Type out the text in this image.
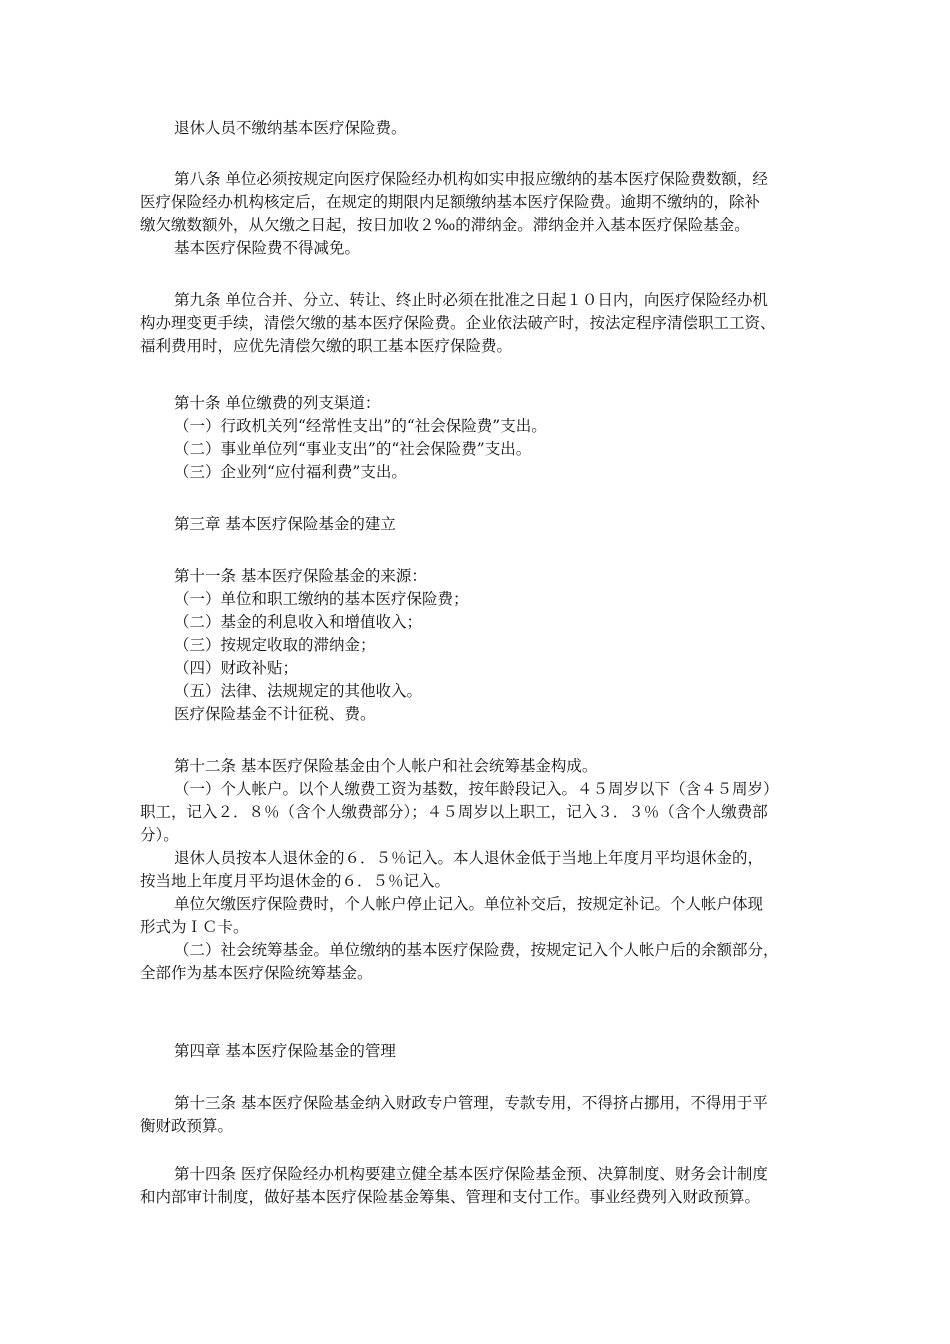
退休人员不缴纳基本医疗保险费。

第八条 单位必须按规定向医疗保险经办机构如实申报应缴纳的基本医疗保险费数额，经
医疗保险经办机构核定后，在规定的期限内足额缴纳基本医疗保险费。逾期不缴纳的，除补
缴欠缴数额外，从欠缴之日起，按日加收２‰的滞纳金。滞纳金并入基本医疗保险基金。

基本医疗保险费不得减免。

第九条 单位合并、分立、转让、终止时必须在批准之日起１０日内，向医疗保险经办机
构办理变更手续，清偿欠缴的基本医疗保险费。企业依法破产时，按法定程序清偿职工工资、
福利费用时，应优先清偿欠缴的职工基本医疗保险费。

第十条 单位缴费的列支渠道：

（一）行政机关列“经常性支出”的“社会保险费”支出。

（二）事业单位列“事业支出”的“社会保险费”支出。

（三）企业列“应付福利费”支出。

第三章 基本医疗保险基金的建立

第十一条 基本医疗保险基金的来源：

（一）单位和职工缴纳的基本医疗保险费；

（二）基金的利息收入和增值收入；

（三）按规定收取的滞纳金；

（四）财政补贴；

（五）法律、法规规定的其他收入。

医疗保险基金不计征税、费。

第十二条 基本医疗保险基金由个人帐户和社会统筹基金构成。

（一）个人帐户。以个人缴费工资为基数，按年龄段记入。４５周岁以下（含４５周岁）
职工，记入２．８％（含个人缴费部分）；４５周岁以上职工，记入３．３％（含个人缴费部
分）。

退休人员按本人退休金的６．５％记入。本人退休金低于当地上年度月平均退休金的，
按当地上年度月平均退休金的６．５％记入。

单位欠缴医疗保险费时，个人帐户停止记入。单位补交后，按规定补记。个人帐户体现
形式为ＩＣ卡。

（二）社会统筹基金。单位缴纳的基本医疗保险费，按规定记入个人帐户后的余额部分，
全部作为基本医疗保险统筹基金。

第四章 基本医疗保险基金的管理

第十三条 基本医疗保险基金纳入财政专户管理，专款专用，不得挤占挪用，不得用于平
衡财政预算。

第十四条 医疗保险经办机构要建立健全基本医疗保险基金预、决算制度、财务会计制度
和内部审计制度，做好基本医疗保险基金筹集、管理和支付工作。事业经费列入财政预算。
